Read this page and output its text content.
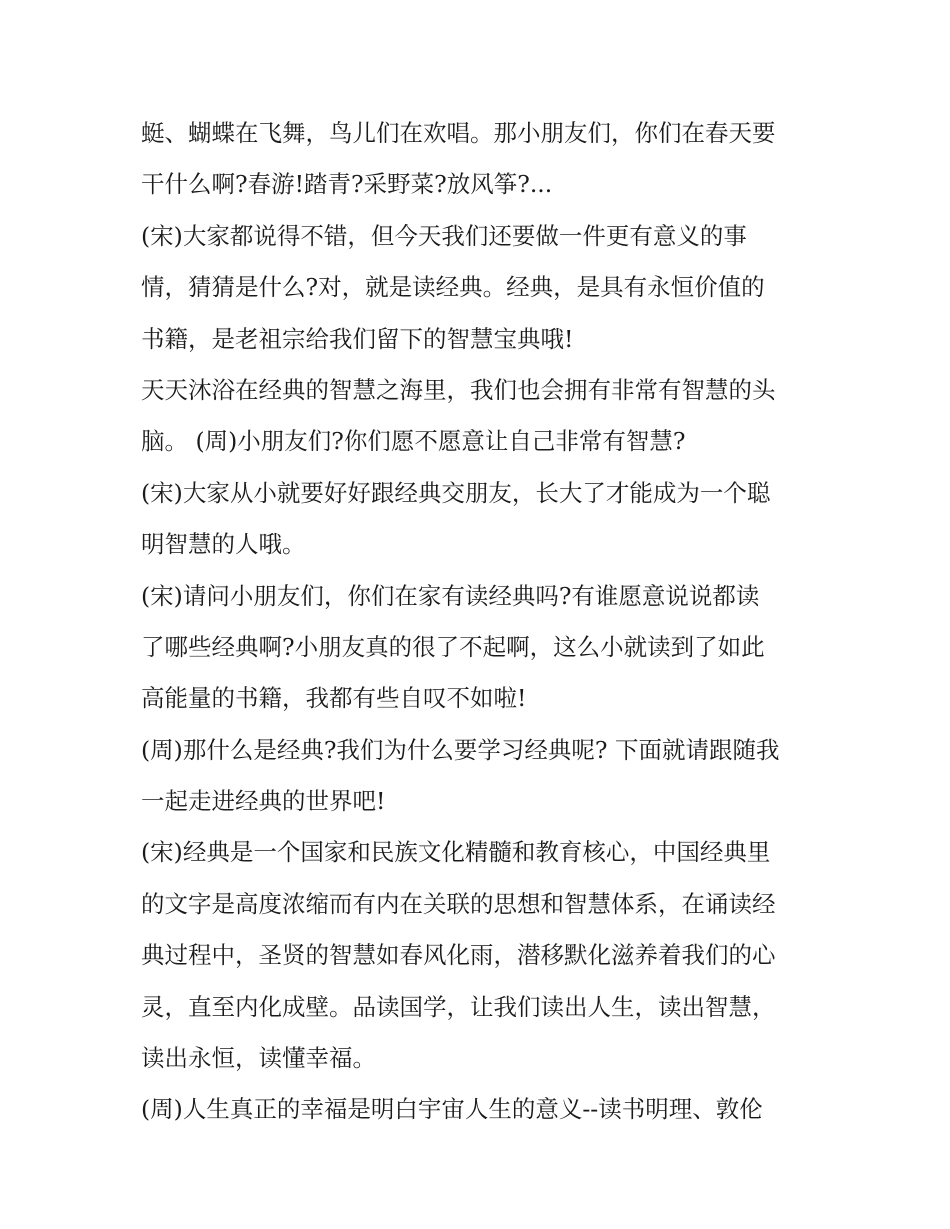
蜓、蝴蝶在飞舞，鸟儿们在欢唱。那小朋友们，你们在春天要
干什么啊?春游!踏青?采野菜?放风筝?...
(宋)大家都说得不错，但今天我们还要做一件更有意义的事
情，猜猜是什么?对，就是读经典。经典，是具有永恒价值的
书籍，是老祖宗给我们留下的智慧宝典哦!
天天沐浴在经典的智慧之海里，我们也会拥有非常有智慧的头
脑。 (周)小朋友们?你们愿不愿意让自己非常有智慧?
(宋)大家从小就要好好跟经典交朋友，长大了才能成为一个聪
明智慧的人哦。
(宋)请问小朋友们，你们在家有读经典吗?有谁愿意说说都读
了哪些经典啊?小朋友真的很了不起啊，这么小就读到了如此
高能量的书籍，我都有些自叹不如啦!
(周)那什么是经典?我们为什么要学习经典呢? 下面就请跟随我
一起走进经典的世界吧!
(宋)经典是一个国家和民族文化精髓和教育核心，中国经典里
的文字是高度浓缩而有内在关联的思想和智慧体系，在诵读经
典过程中，圣贤的智慧如春风化雨，潜移默化滋养着我们的心
灵，直至内化成壁。品读国学，让我们读出人生，读出智慧，
读出永恒，读懂幸福。
(周)人生真正的幸福是明白宇宙人生的意义--读书明理、敦伦
